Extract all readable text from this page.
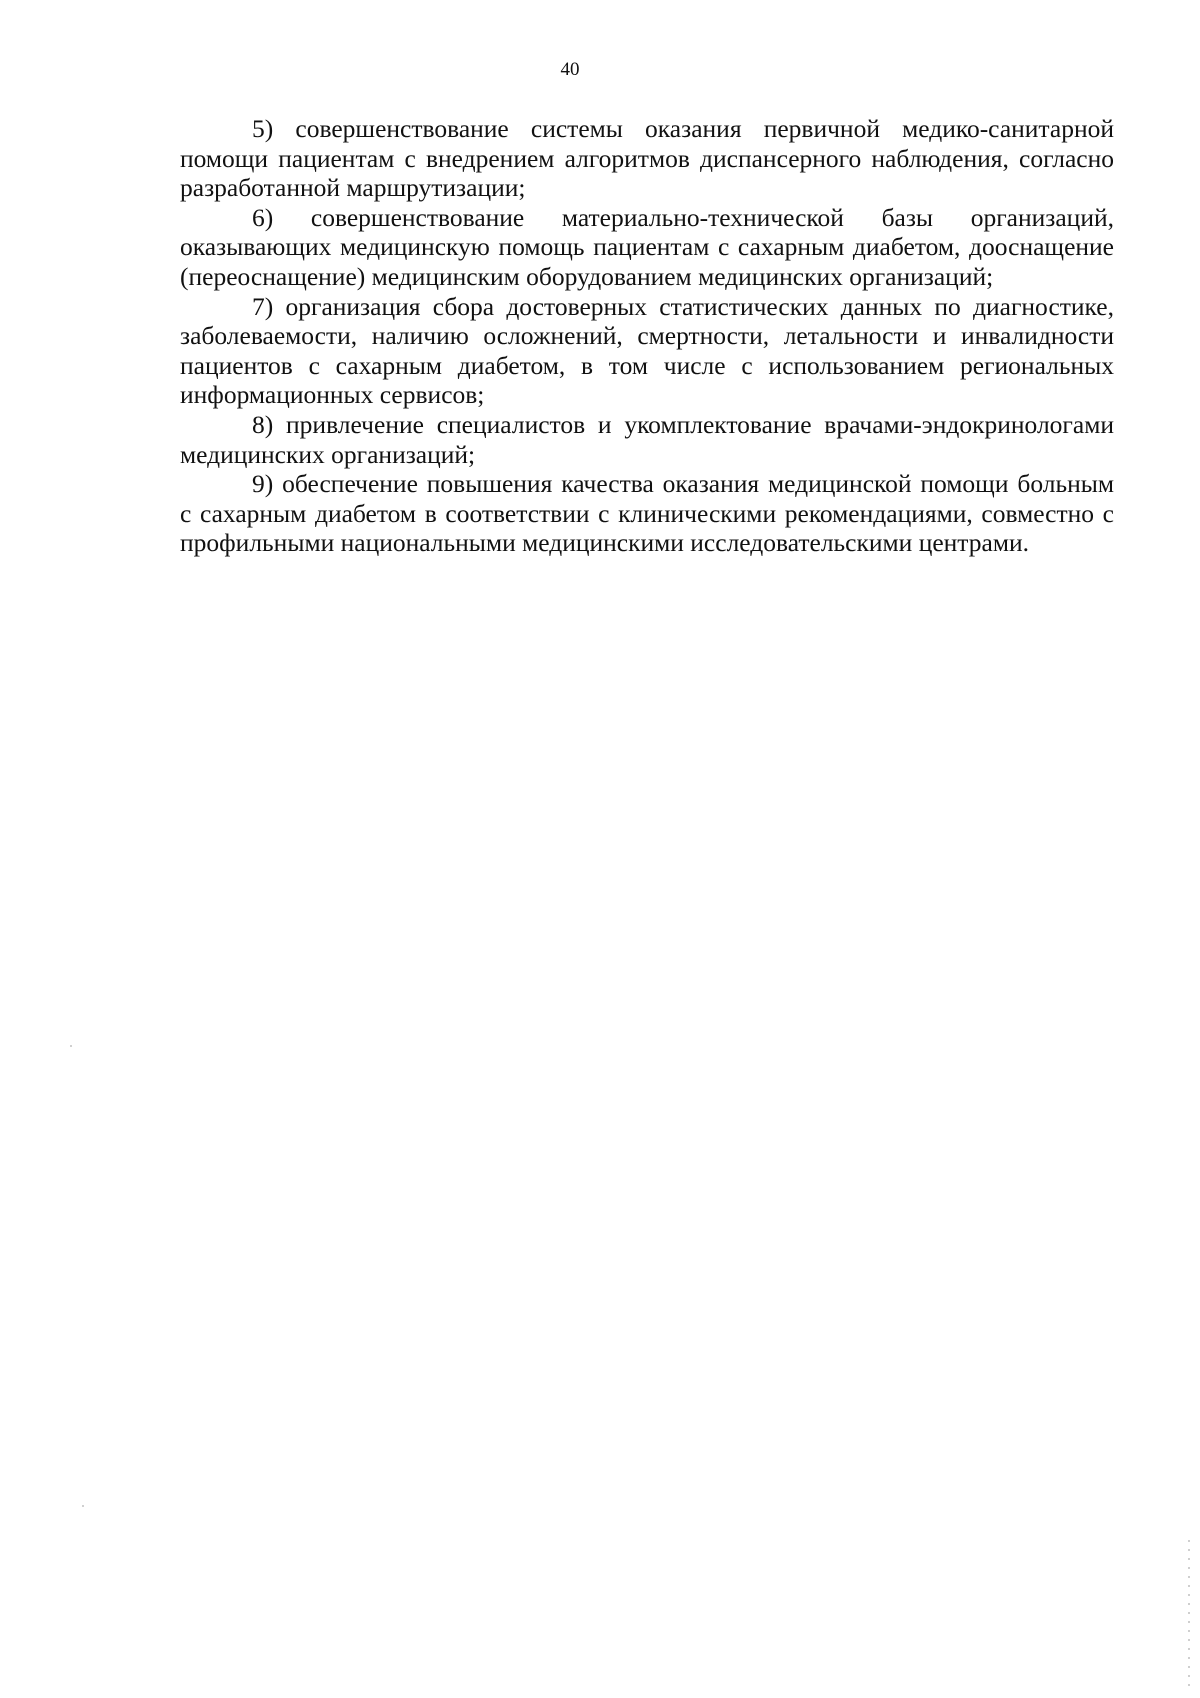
40

5) совершенствование системы оказания первичной медико-санитарной помощи пациентам с внедрением алгоритмов диспансерного наблюдения, согласно разработанной маршрутизации;

6) совершенствование материально-технической базы организаций, оказывающих медицинскую помощь пациентам с сахарным диабетом, дооснащение (переоснащение) медицинским оборудованием медицинских организаций;

7) организация сбора достоверных статистических данных по диагностике, заболеваемости, наличию осложнений, смертности, летальности и инвалидности пациентов с сахарным диабетом, в том числе с использованием региональных информационных сервисов;

8) привлечение специалистов и укомплектование врачами-эндокринологами медицинских организаций;

9) обеспечение повышения качества оказания медицинской помощи больным с сахарным диабетом в соответствии с клиническими рекомендациями, совместно с профильными национальными медицинскими исследовательскими центрами.
